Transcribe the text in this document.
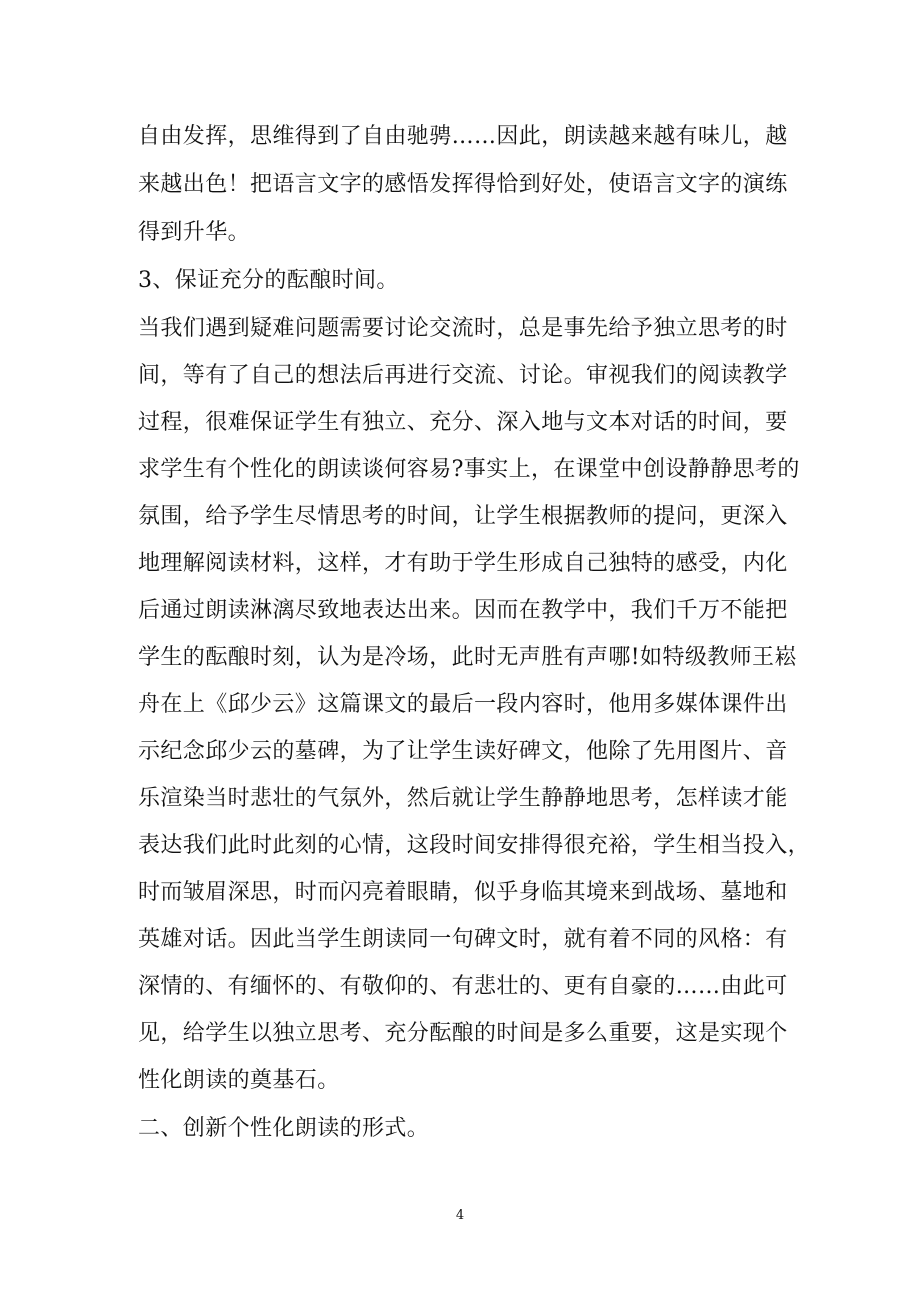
自由发挥，思维得到了自由驰骋……因此，朗读越来越有味儿，越
来越出色！把语言文字的感悟发挥得恰到好处，使语言文字的演练
得到升华。
3、保证充分的酝酿时间。
当我们遇到疑难问题需要讨论交流时，总是事先给予独立思考的时
间，等有了自己的想法后再进行交流、讨论。审视我们的阅读教学
过程，很难保证学生有独立、充分、深入地与文本对话的时间，要
求学生有个性化的朗读谈何容易?事实上，在课堂中创设静静思考的
氛围，给予学生尽情思考的时间，让学生根据教师的提问，更深入
地理解阅读材料，这样，才有助于学生形成自己独特的感受，内化
后通过朗读淋漓尽致地表达出来。因而在教学中，我们千万不能把
学生的酝酿时刻，认为是冷场，此时无声胜有声哪!如特级教师王崧
舟在上《邱少云》这篇课文的最后一段内容时，他用多媒体课件出
示纪念邱少云的墓碑，为了让学生读好碑文，他除了先用图片、音
乐渲染当时悲壮的气氛外，然后就让学生静静地思考，怎样读才能
表达我们此时此刻的心情，这段时间安排得很充裕，学生相当投入，
时而皱眉深思，时而闪亮着眼睛，似乎身临其境来到战场、墓地和
英雄对话。因此当学生朗读同一句碑文时，就有着不同的风格：有
深情的、有缅怀的、有敬仰的、有悲壮的、更有自豪的……由此可
见，给学生以独立思考、充分酝酿的时间是多么重要，这是实现个
性化朗读的奠基石。
二、创新个性化朗读的形式。
4
